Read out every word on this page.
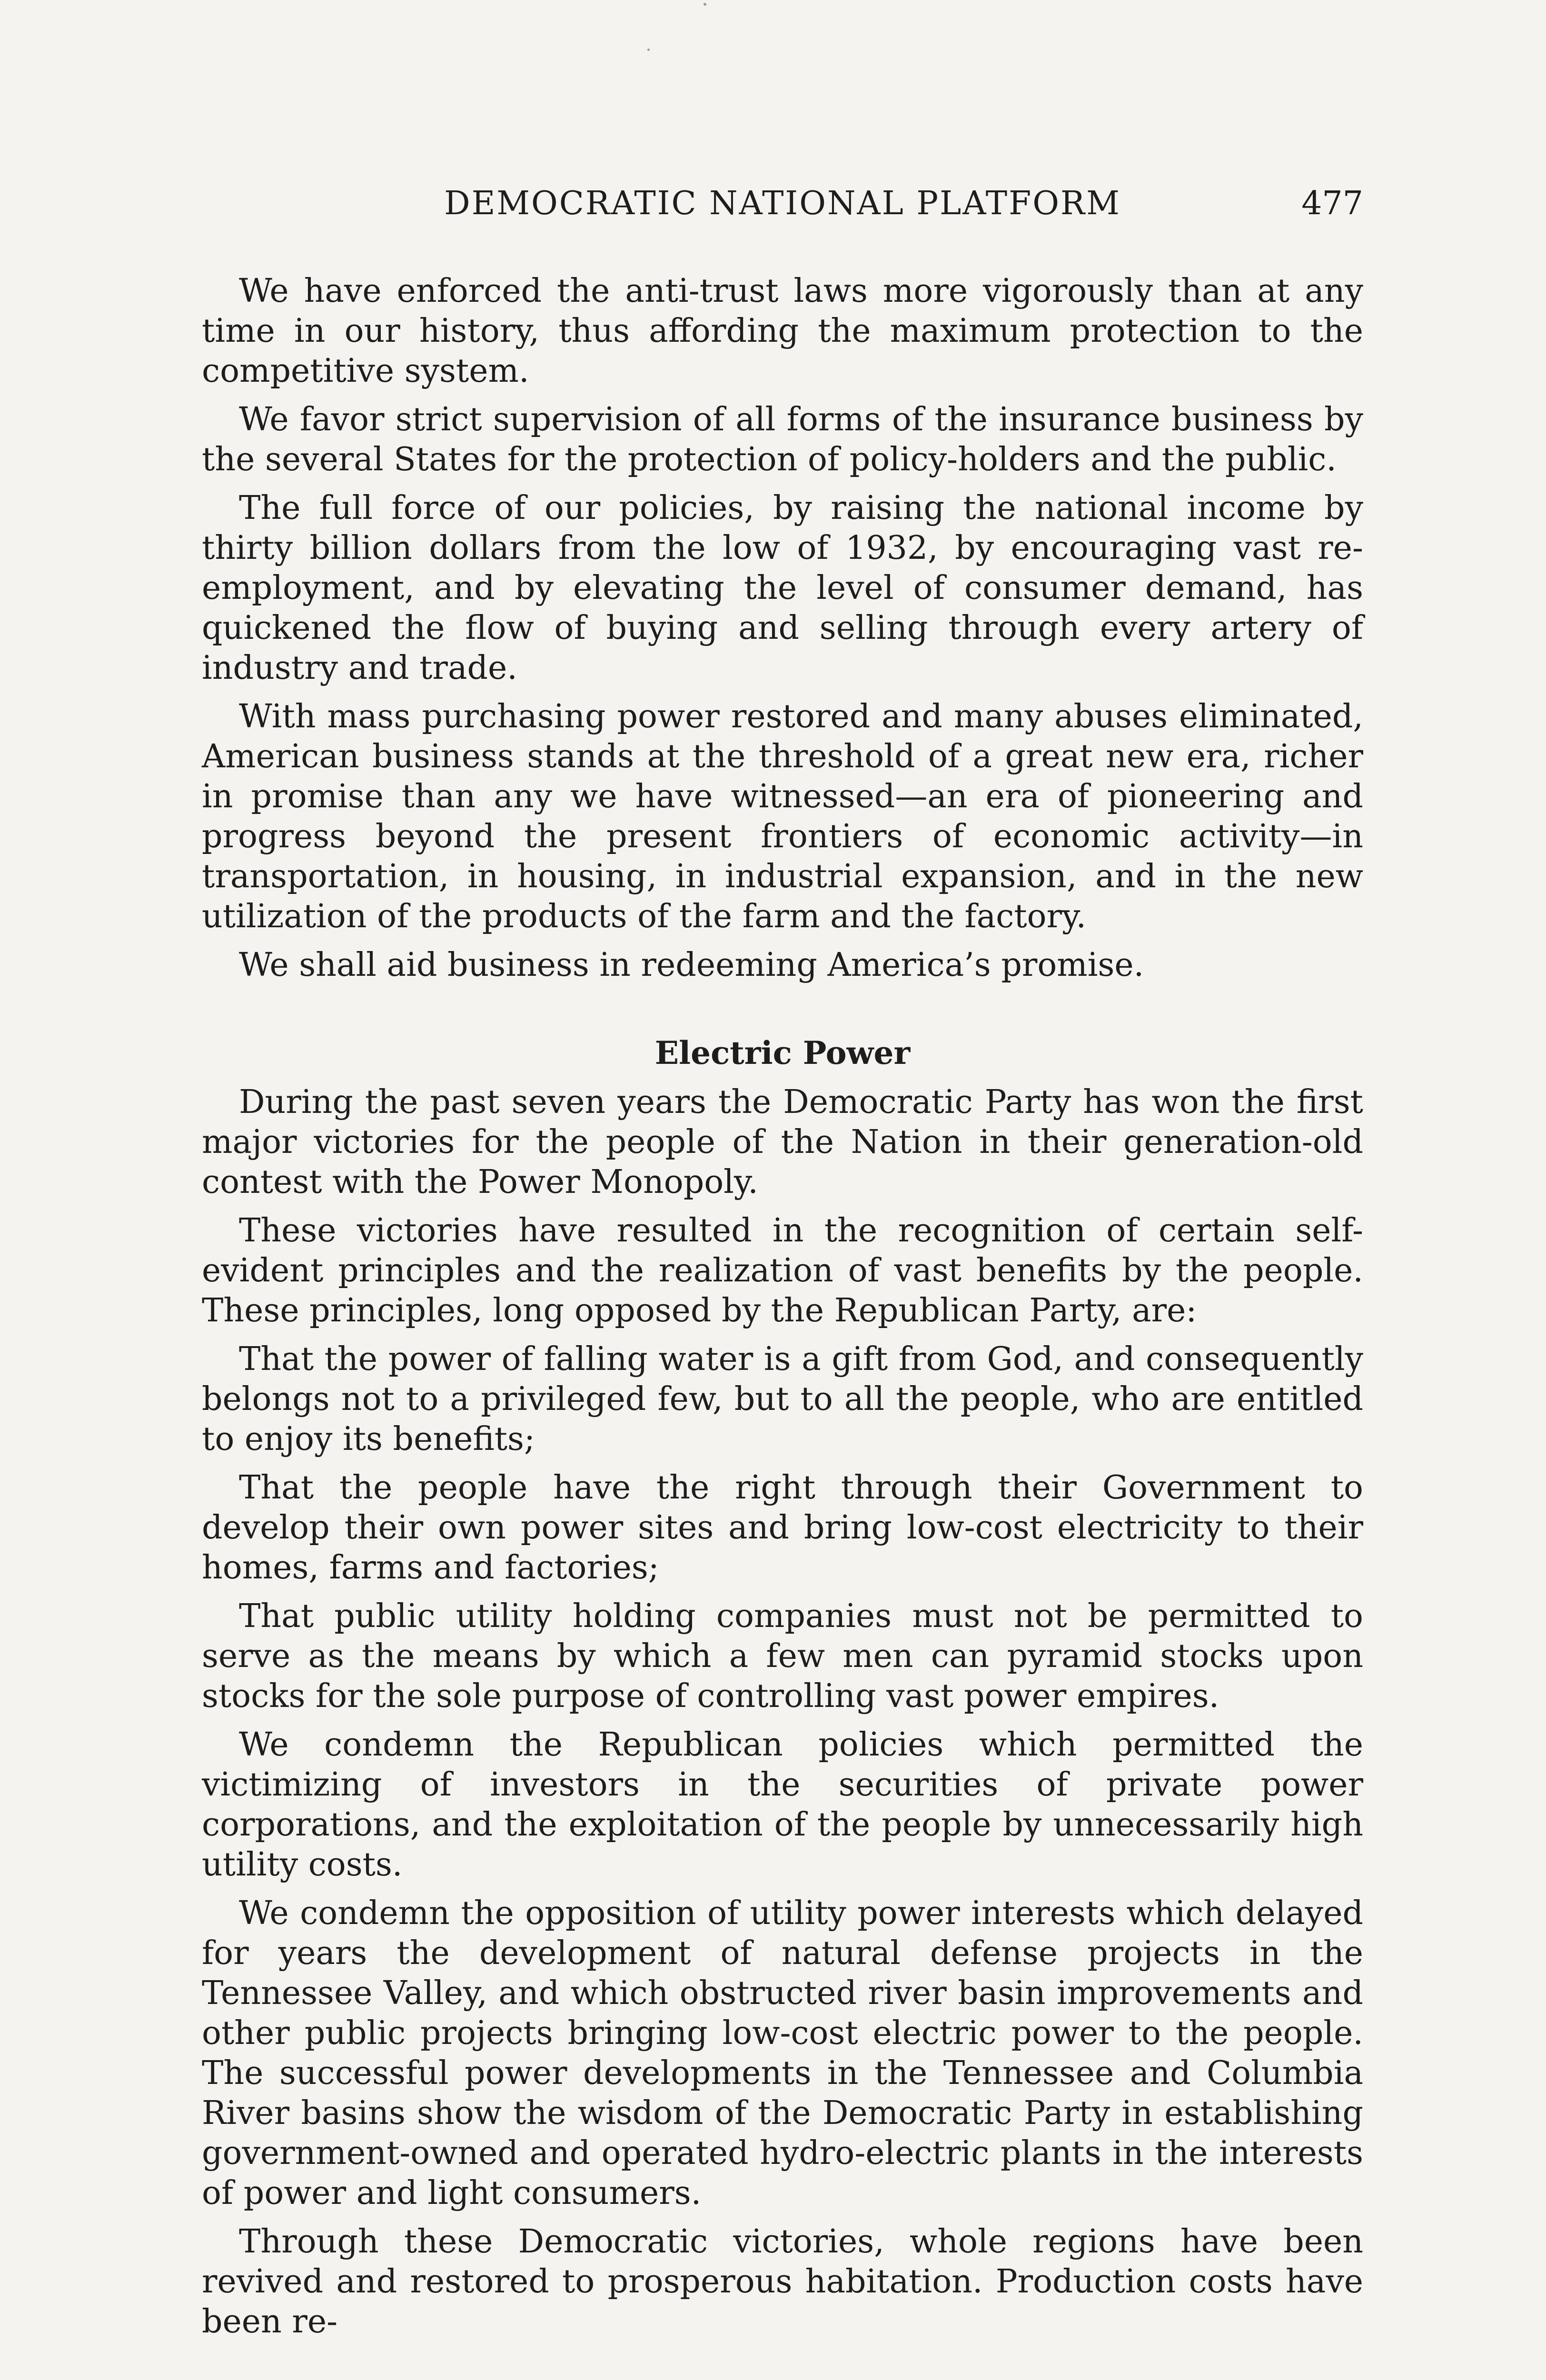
DEMOCRATIC NATIONAL PLATFORM	477

We have enforced the anti-trust laws more vigorously than at any time in our history, thus affording the maximum protection to the competitive system.

We favor strict supervision of all forms of the insurance business by the several States for the protection of policy-holders and the public.

The full force of our policies, by raising the national income by thirty billion dollars from the low of 1932, by encouraging vast re-employment, and by elevating the level of consumer demand, has quickened the flow of buying and selling through every artery of industry and trade.

With mass purchasing power restored and many abuses eliminated, American business stands at the threshold of a great new era, richer in promise than any we have witnessed—an era of pioneering and progress beyond the present frontiers of economic activity—in transportation, in housing, in industrial expansion, and in the new utilization of the products of the farm and the factory.

We shall aid business in redeeming America’s promise.

Electric Power

During the past seven years the Democratic Party has won the first major victories for the people of the Nation in their generation-old contest with the Power Monopoly.

These victories have resulted in the recognition of certain self-evident principles and the realization of vast benefits by the people. These principles, long opposed by the Republican Party, are:

That the power of falling water is a gift from God, and consequently belongs not to a privileged few, but to all the people, who are entitled to enjoy its benefits;

That the people have the right through their Government to develop their own power sites and bring low-cost electricity to their homes, farms and factories;

That public utility holding companies must not be permitted to serve as the means by which a few men can pyramid stocks upon stocks for the sole purpose of controlling vast power empires.

We condemn the Republican policies which permitted the victimizing of investors in the securities of private power corporations, and the exploitation of the people by unnecessarily high utility costs.

We condemn the opposition of utility power interests which delayed for years the development of natural defense projects in the Tennessee Valley, and which obstructed river basin improvements and other public projects bringing low-cost electric power to the people. The successful power developments in the Tennessee and Columbia River basins show the wisdom of the Democratic Party in establishing government-owned and operated hydro-electric plants in the interests of power and light consumers.

Through these Democratic victories, whole regions have been revived and restored to prosperous habitation. Production costs have been re-
